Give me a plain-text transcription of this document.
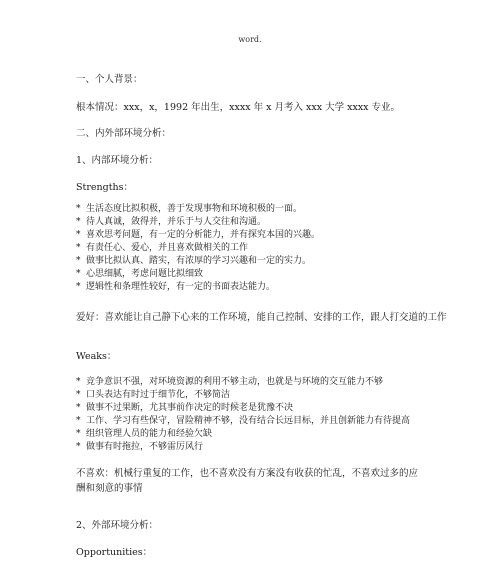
word.
一、个人背景：
根本情况：xxx，x，1992 年出生，xxxx 年 x 月考入 xxx 大学 xxxx 专业。
二、内外部环境分析：
1、内部环境分析：
Strengths：
* 生活态度比拟积极，善于发现事物和环境积极的一面。
* 待人真诚，敛得并，并乐于与人交往和沟通。
* 喜欢思考问题，有一定的分析能力，并有探究本国的兴趣。
* 有责任心、爱心，并且喜欢做相关的工作
* 做事比拟认真、踏实，有浓厚的学习兴趣和一定的实力。
* 心思细腻，考虑问题比拟细致
* 逻辑性和条理性较好，有一定的书面表达能力。
爱好：喜欢能让自己静下心来的工作环境，能自己控制、安排的工作，跟人打交道的工作
Weaks：
* 竞争意识不强，对环境资源的利用不够主动，也就是与环境的交互能力不够
* 口头表达有时过于细节化，不够简洁
* 做事不过果断，尤其事前作决定的时候老是犹豫不决
* 工作、学习有些保守，冒险精神不够，没有结合长远目标，并且创新能力有待提高
* 组织管理人员的能力和经验欠缺
* 做事有时拖拉，不够雷厉风行
不喜欢：机械行重复的工作，也不喜欢没有方案没有收获的忙乱，不喜欢过多的应酬和刻意的事情
2、外部环境分析：
Opportunities：
